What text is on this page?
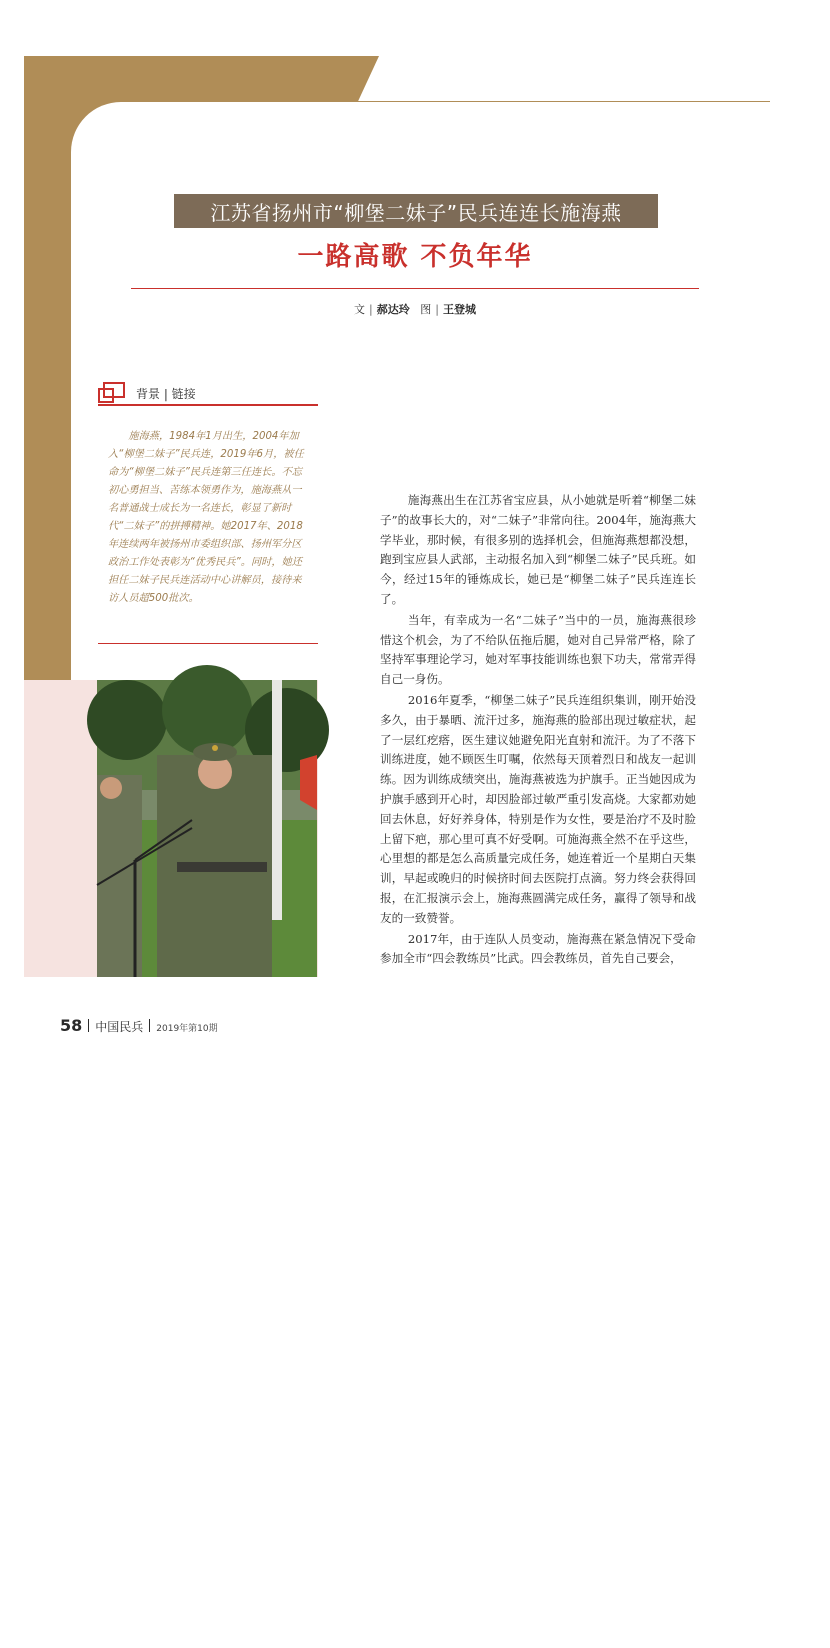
江苏省扬州市“柳堡二妹子”民兵连连长施海燕
一路高歌 不负年华
文 | 郝达玲 图 | 王登城
背景 | 链接

施海燕，1984年1月出生，2004年加入“柳堡二妹子”民兵连，2019年6月，被任命为“柳堡二妹子”民兵连第三任连长。不忘初心勇担当、苦练本领勇作为，施海燕从一名普通战士成长为一名连长，彰显了新时代“二妹子”的拼搏精神。她2017年、2018年连续两年被扬州市委组织部、扬州军分区政治工作处表彰为“优秀民兵”。同时，她还担任二妹子民兵连活动中心讲解员，接待来访人员超500批次。

①

施海燕出生在江苏省宝应县，从小她就是听着“柳堡二妹子”的故事长大的，对“二妹子”非常向往。2004年，施海燕大学毕业，那时候，有很多别的选择机会，但施海燕想都没想，跑到宝应县人武部，主动报名加入到“柳堡二妹子”民兵班。如今，经过15年的锤炼成长，她已是“柳堡二妹子”民兵连连长了。

当年，有幸成为一名“二妹子”当中的一员，施海燕很珍惜这个机会，为了不给队伍拖后腿，她对自己异常严格，除了坚持军事理论学习，她对军事技能训练也狠下功夫，常常弄得自己一身伤。

2016年夏季，“柳堡二妹子”民兵连组织集训，刚开始没多久，由于暴晒、流汗过多，施海燕的脸部出现过敏症状，起了一层红疙瘩，医生建议她避免阳光直射和流汗。为了不落下训练进度，她不顾医生叮嘱，依然每天顶着烈日和战友一起训练。因为训练成绩突出，施海燕被选为护旗手。正当她因成为护旗手感到开心时，却因脸部过敏严重引发高烧。大家都劝她回去休息，好好养身体，特别是作为女性，要是治疗不及时脸上留下疤，那心里可真不好受啊。可施海燕全然不在乎这些，心里想的都是怎么高质量完成任务，她连着近一个星期白天集训，早起或晚归的时候挤时间去医院打点滴。努力终会获得回报，在汇报演示会上，施海燕圆满完成任务，赢得了领导和战友的一致赞誉。

2017年，由于连队人员变动，施海燕在紧急情况下受命参加全市“四会教练员”比武。四会教练员，首先自己要会，

58 中国民兵 2019年第10期
